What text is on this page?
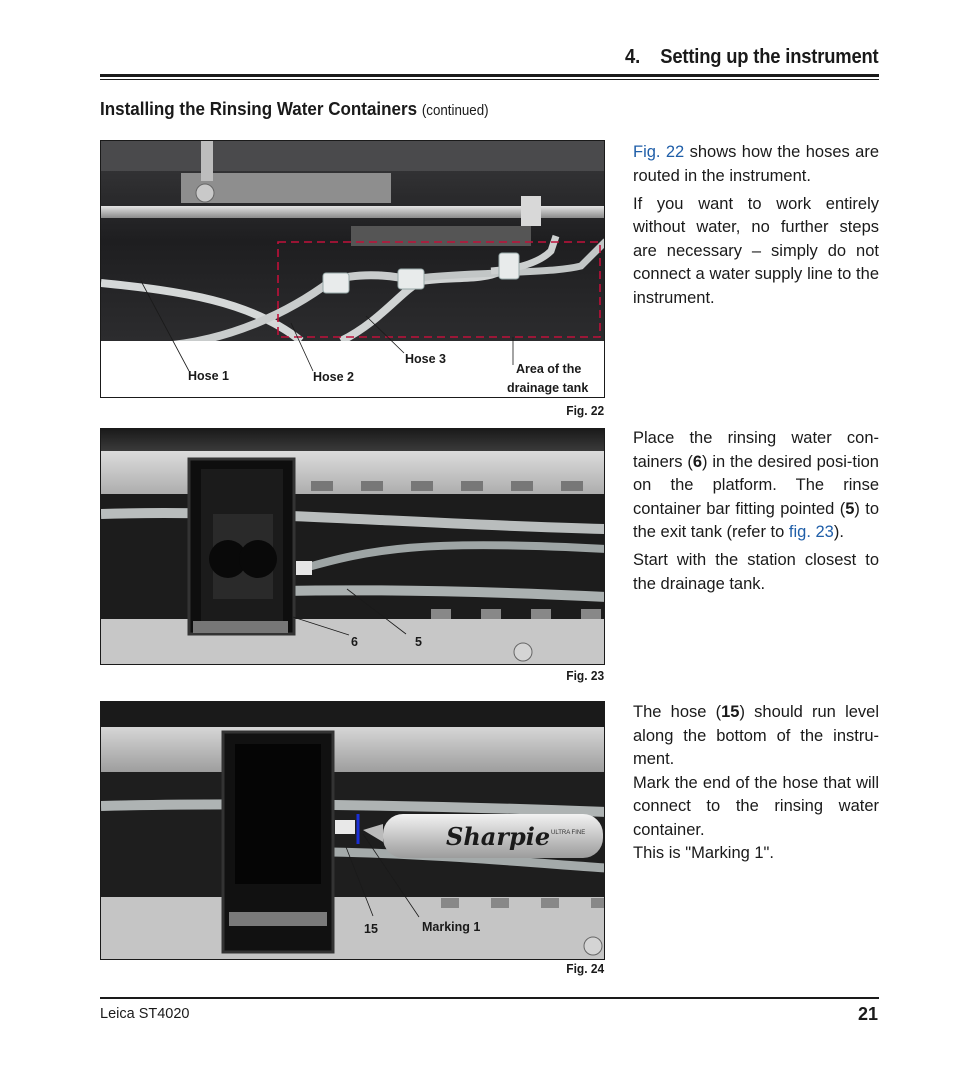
4. Setting up the instrument
Installing the Rinsing Water Containers (continued)
Hose 1	Hose 2
Hose 3
Area of the
drainage tank
Fig. 22
6	5
Fig. 23
Sharpie ULTRA FINE
15	Marking 1
Fig. 24

Fig. 22 shows how the hoses are routed in the instrument.

If you want to work entirely without water, no further steps are necessary – simply do not connect a water supply line to the instrument.

Place the rinsing water con-tainers (6) in the desired posi-tion on the platform. The rinse container bar fitting pointed (5) to the exit tank (refer to fig. 23).

Start with the station closest to the drainage tank.

The hose (15) should run level along the bottom of the instru-ment.

Mark the end of the hose that will connect to the rinsing water container.

This is "Marking 1".

Leica ST4020	21
